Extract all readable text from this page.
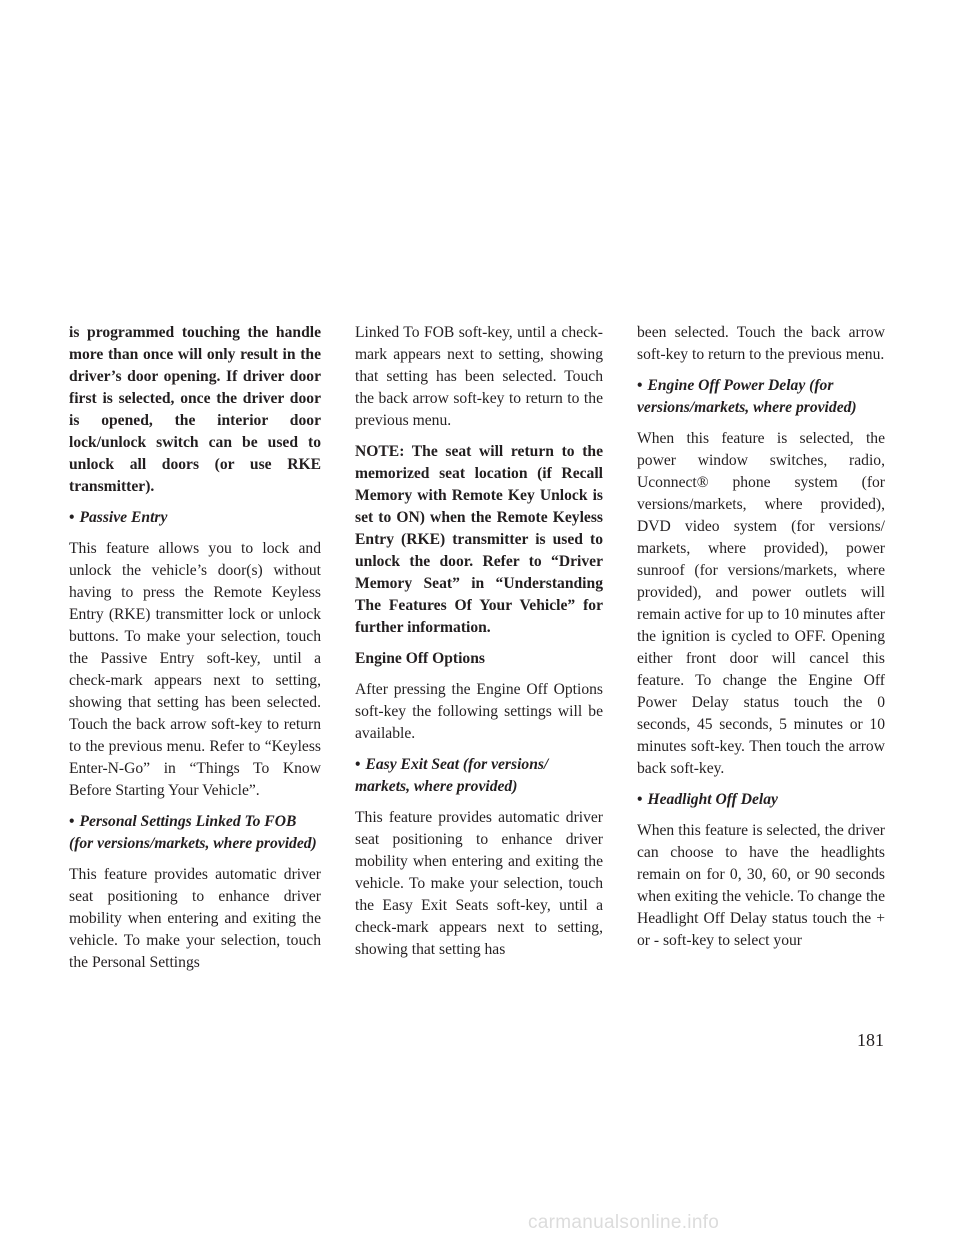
is programmed touching the handle more than once will only result in the driver’s door opening. If driver door first is selected, once the driver door is opened, the interior door lock/unlock switch can be used to unlock all doors (or use RKE transmitter).

• Passive Entry

This feature allows you to lock and unlock the vehicle’s door(s) without having to press the Remote Keyless Entry (RKE) transmitter lock or unlock buttons. To make your selection, touch the Passive Entry soft-key, until a check-mark appears next to setting, showing that setting has been selected. Touch the back arrow soft-key to return to the previous menu. Refer to “Keyless Enter-N-Go” in “Things To Know Before Starting Your Vehicle”.

• Personal Settings Linked To FOB (for versions/markets, where provided)

This feature provides automatic driver seat positioning to enhance driver mobility when entering and exiting the vehicle. To make your selection, touch the Personal Settings

Linked To FOB soft-key, until a check-mark appears next to setting, showing that setting has been selected. Touch the back arrow soft-key to return to the previous menu.

NOTE: The seat will return to the memorized seat location (if Recall Memory with Remote Key Unlock is set to ON) when the Remote Keyless Entry (RKE) transmitter is used to unlock the door. Refer to “Driver Memory Seat” in “Understanding The Features Of Your Vehicle” for further information.

Engine Off Options

After pressing the Engine Off Options soft-key the following settings will be available.

• Easy Exit Seat (for versions/ markets, where provided)

This feature provides automatic driver seat positioning to enhance driver mobility when entering and exiting the vehicle. To make your selection, touch the Easy Exit Seats soft-key, until a check-mark appears next to setting, showing that setting has

been selected. Touch the back arrow soft-key to return to the previous menu.

• Engine Off Power Delay (for versions/markets, where provided)

When this feature is selected, the power window switches, radio, Uconnect® phone system (for versions/markets, where provided), DVD video system (for versions/ markets, where provided), power sunroof (for versions/markets, where provided), and power outlets will remain active for up to 10 minutes after the ignition is cycled to OFF. Opening either front door will cancel this feature. To change the Engine Off Power Delay status touch the 0 seconds, 45 seconds, 5 minutes or 10 minutes soft-key. Then touch the arrow back soft-key.

• Headlight Off Delay

When this feature is selected, the driver can choose to have the headlights remain on for 0, 30, 60, or 90 seconds when exiting the vehicle. To change the Headlight Off Delay status touch the + or - soft-key to select your

181
carmanualsonline.info
